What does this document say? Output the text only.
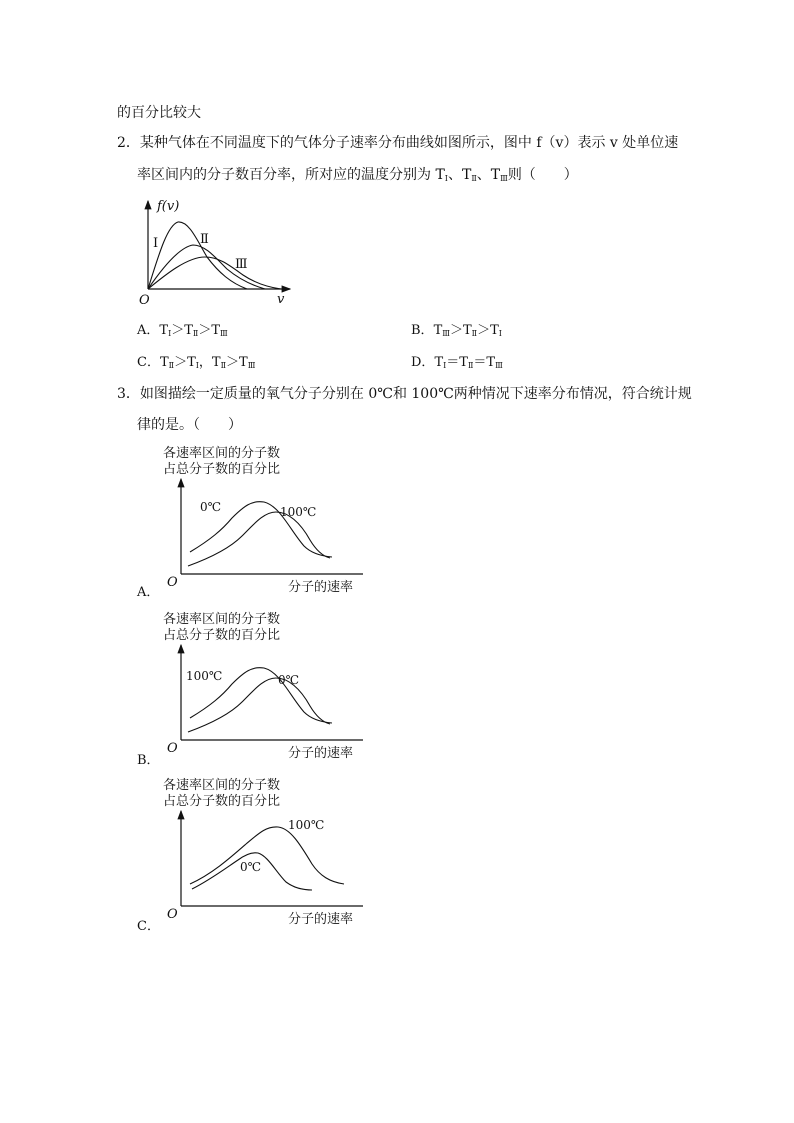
的百分比较大
2．某种气体在不同温度下的气体分子速率分布曲线如图所示，图中 f（v）表示 v 处单位速
率区间内的分子数百分率，所对应的温度分别为 $T_Ⅰ$、$T_Ⅱ$、$T_Ⅲ$则（　　）
f(v)
v
O
Ⅰ	Ⅱ
Ⅲ
A．$T_Ⅰ>T_Ⅱ>T_Ⅲ$	B．$T_Ⅲ>T_Ⅱ>T_Ⅰ$
C．$T_Ⅱ>T_Ⅰ$，$T_Ⅱ>T_Ⅲ$	D．$T_Ⅰ=T_Ⅱ=T_Ⅲ$
3．如图描绘一定质量的氧气分子分别在 0℃和 100℃两种情况下速率分布情况，符合统计规
律的是。（　　）
A．
各速率区间的分子数
占总分子数的百分比
O	分子的速率
0℃	100℃
B．
各速率区间的分子数
占总分子数的百分比
O	分子的速率
100℃	0℃
C．
各速率区间的分子数
占总分子数的百分比
O	分子的速率
100℃
0℃
